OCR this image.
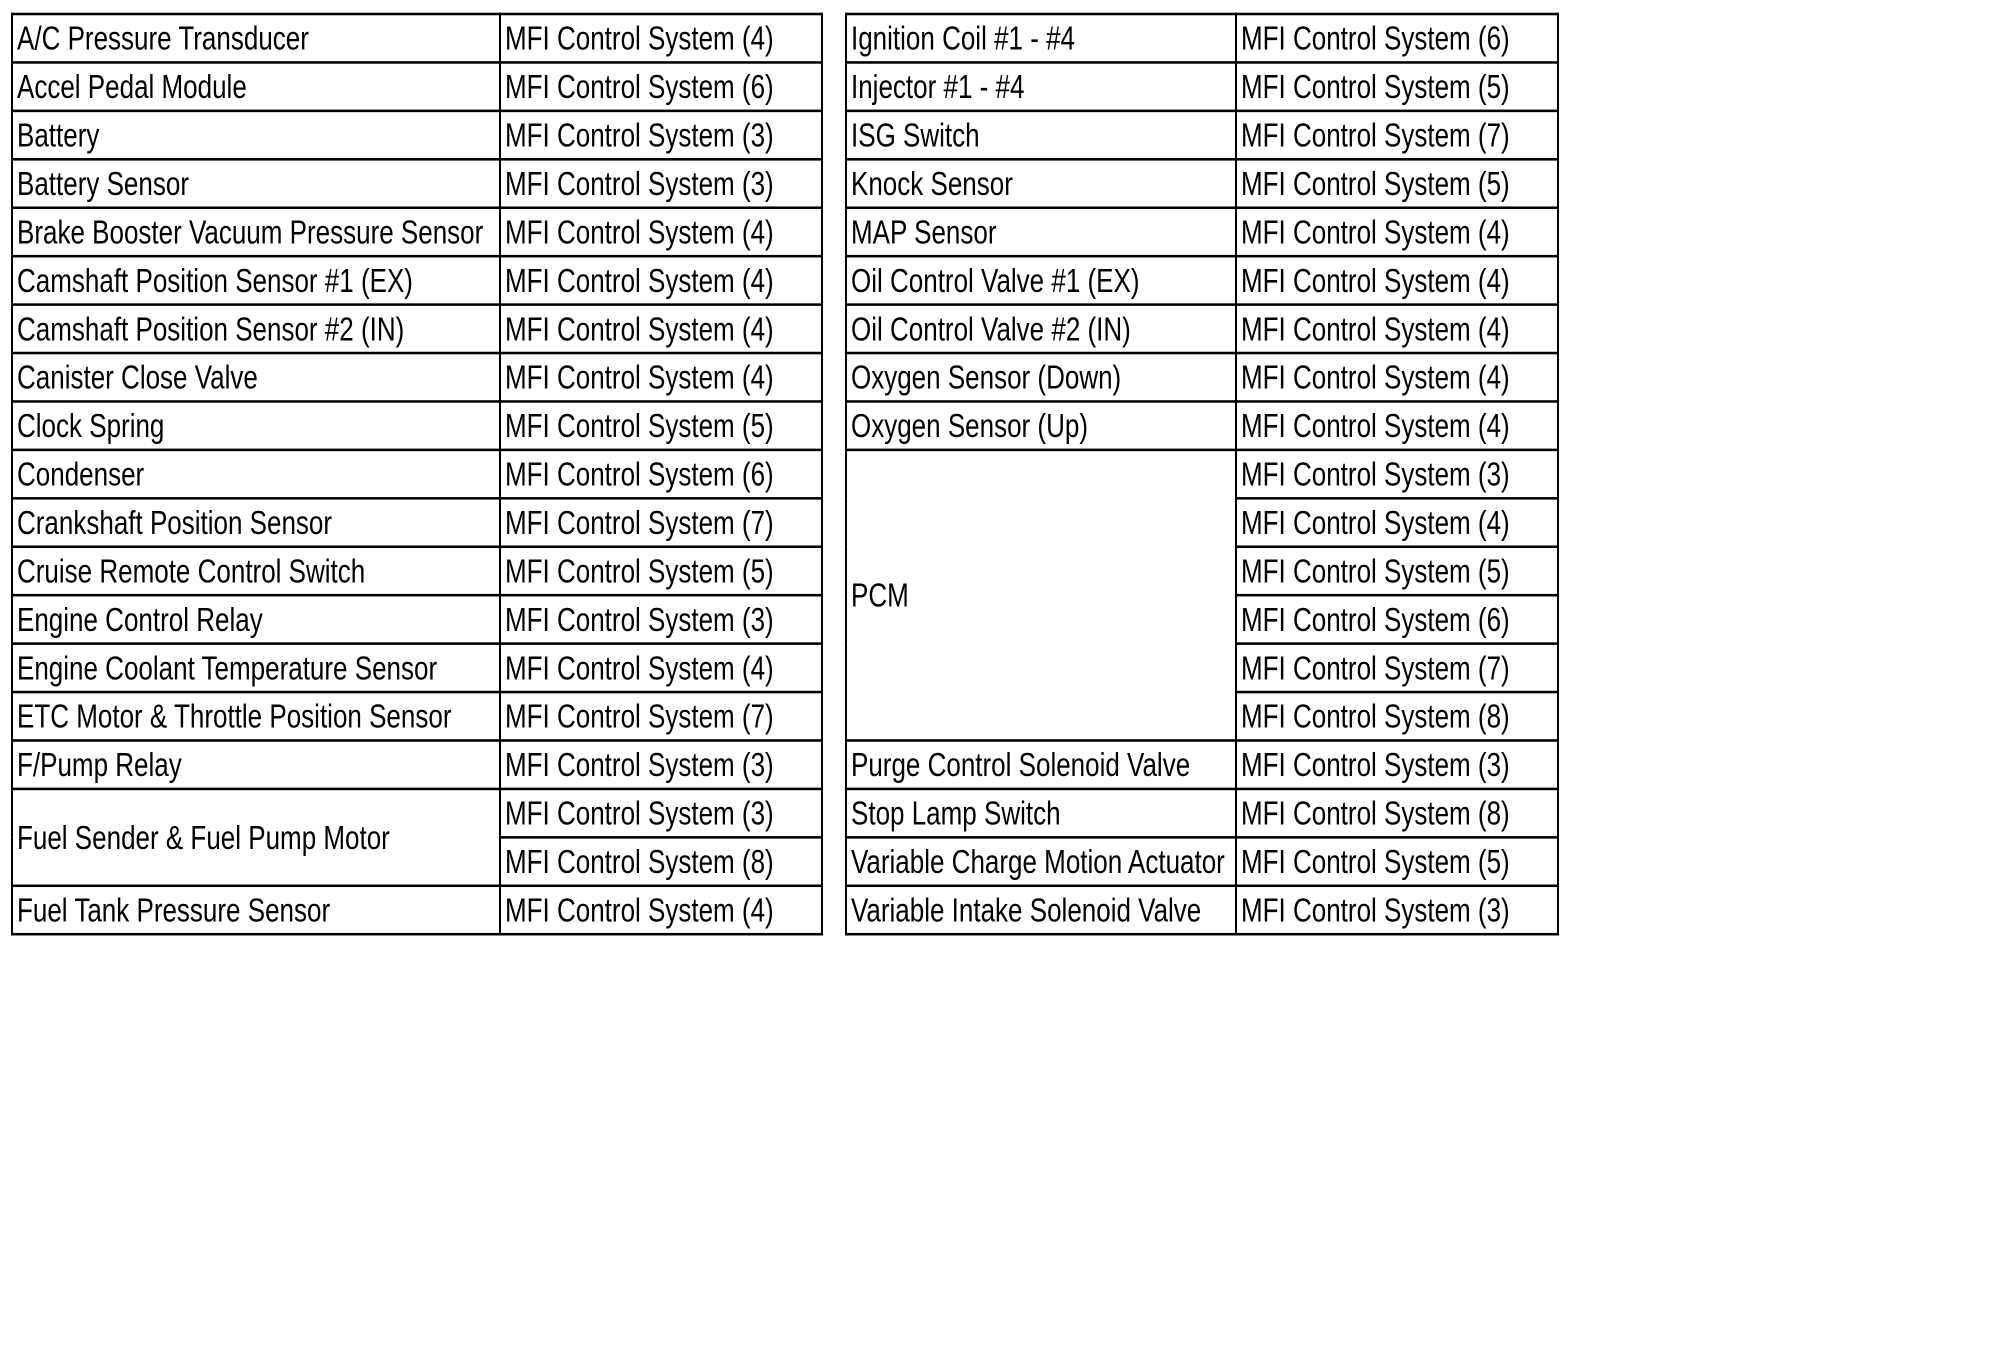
A/C Pressure Transducer	MFI Control System (4)
Accel Pedal Module	MFI Control System (6)
Battery	MFI Control System (3)
Battery Sensor	MFI Control System (3)
Brake Booster Vacuum Pressure Sensor	MFI Control System (4)
Camshaft Position Sensor #1 (EX)	MFI Control System (4)
Camshaft Position Sensor #2 (IN)	MFI Control System (4)
Canister Close Valve	MFI Control System (4)
Clock Spring	MFI Control System (5)
Condenser	MFI Control System (6)
Crankshaft Position Sensor	MFI Control System (7)
Cruise Remote Control Switch	MFI Control System (5)
Engine Control Relay	MFI Control System (3)
Engine Coolant Temperature Sensor	MFI Control System (4)
ETC Motor & Throttle Position Sensor	MFI Control System (7)
F/Pump Relay	MFI Control System (3)
Fuel Sender & Fuel Pump Motor	MFI Control System (3)
	MFI Control System (8)
Fuel Tank Pressure Sensor	MFI Control System (4)
Ignition Coil #1 - #4	MFI Control System (6)
Injector #1 - #4	MFI Control System (5)
ISG Switch	MFI Control System (7)
Knock Sensor	MFI Control System (5)
MAP Sensor	MFI Control System (4)
Oil Control Valve #1 (EX)	MFI Control System (4)
Oil Control Valve #2 (IN)	MFI Control System (4)
Oxygen Sensor (Down)	MFI Control System (4)
Oxygen Sensor (Up)	MFI Control System (4)
PCM	MFI Control System (3)
	MFI Control System (4)
	MFI Control System (5)
	MFI Control System (6)
	MFI Control System (7)
	MFI Control System (8)
Purge Control Solenoid Valve	MFI Control System (3)
Stop Lamp Switch	MFI Control System (8)
Variable Charge Motion Actuator	MFI Control System (5)
Variable Intake Solenoid Valve	MFI Control System (3)
